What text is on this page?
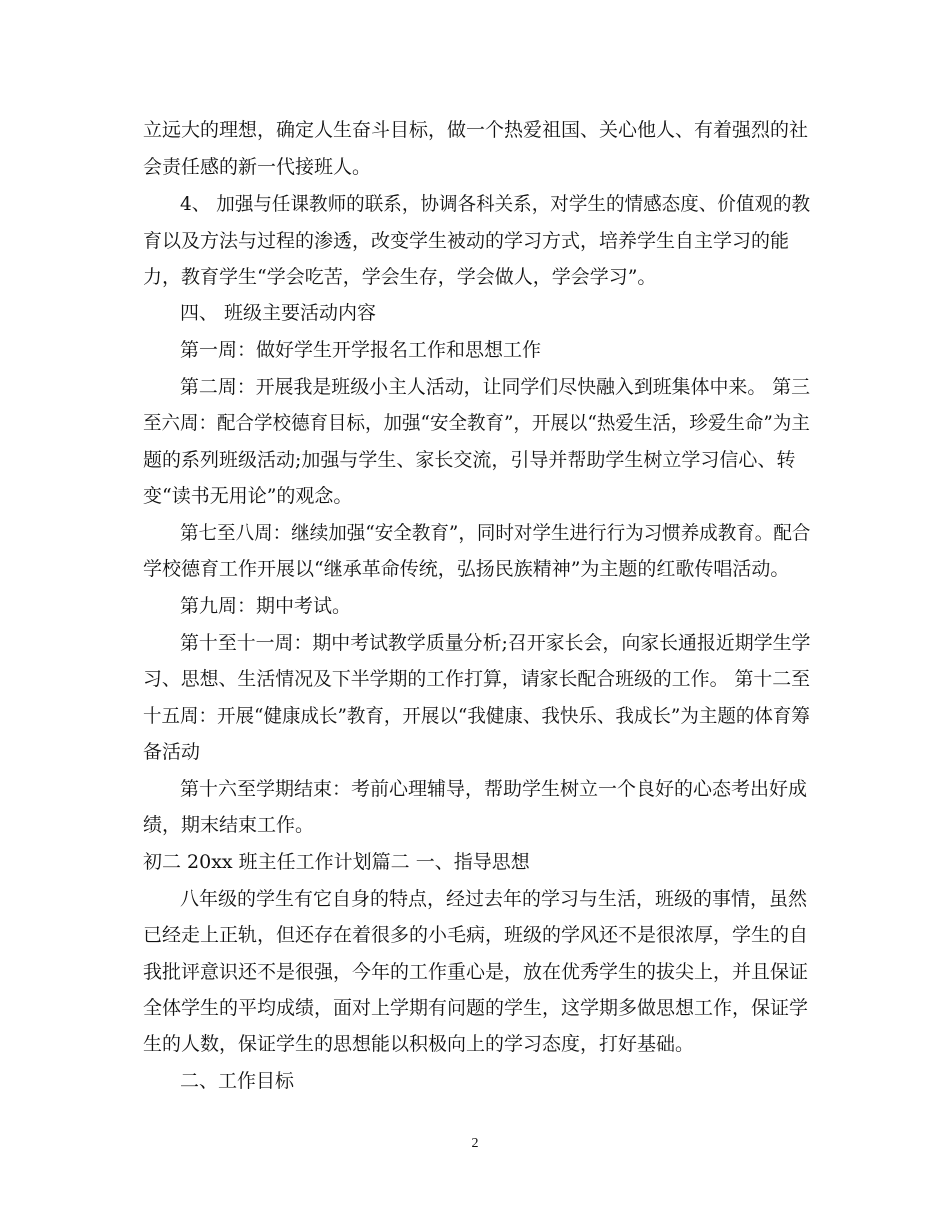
立远大的理想，确定人生奋斗目标，做一个热爱祖国、关心他人、有着强烈的社
会责任感的新一代接班人。
4、 加强与任课教师的联系，协调各科关系，对学生的情感态度、价值观的教
育以及方法与过程的渗透，改变学生被动的学习方式，培养学生自主学习的能
力，教育学生“学会吃苦，学会生存，学会做人，学会学习”。
四、 班级主要活动内容
第一周：做好学生开学报名工作和思想工作
第二周：开展我是班级小主人活动，让同学们尽快融入到班集体中来。 第三
至六周：配合学校德育目标，加强“安全教育”，开展以“热爱生活，珍爱生命”为主
题的系列班级活动;加强与学生、家长交流，引导并帮助学生树立学习信心、转
变“读书无用论”的观念。
第七至八周：继续加强“安全教育”，同时对学生进行行为习惯养成教育。配合
学校德育工作开展以“继承革命传统，弘扬民族精神”为主题的红歌传唱活动。
第九周：期中考试。
第十至十一周：期中考试教学质量分析;召开家长会，向家长通报近期学生学
习、思想、生活情况及下半学期的工作打算，请家长配合班级的工作。 第十二至
十五周：开展“健康成长”教育，开展以“我健康、我快乐、我成长”为主题的体育筹
备活动
第十六至学期结束：考前心理辅导，帮助学生树立一个良好的心态考出好成
绩，期末结束工作。
初二 20xx 班主任工作计划篇二 一、指导思想
八年级的学生有它自身的特点，经过去年的学习与生活，班级的事情，虽然
已经走上正轨，但还存在着很多的小毛病，班级的学风还不是很浓厚，学生的自
我批评意识还不是很强，今年的工作重心是，放在优秀学生的拔尖上，并且保证
全体学生的平均成绩，面对上学期有问题的学生，这学期多做思想工作，保证学
生的人数，保证学生的思想能以积极向上的学习态度，打好基础。
二、工作目标
2
